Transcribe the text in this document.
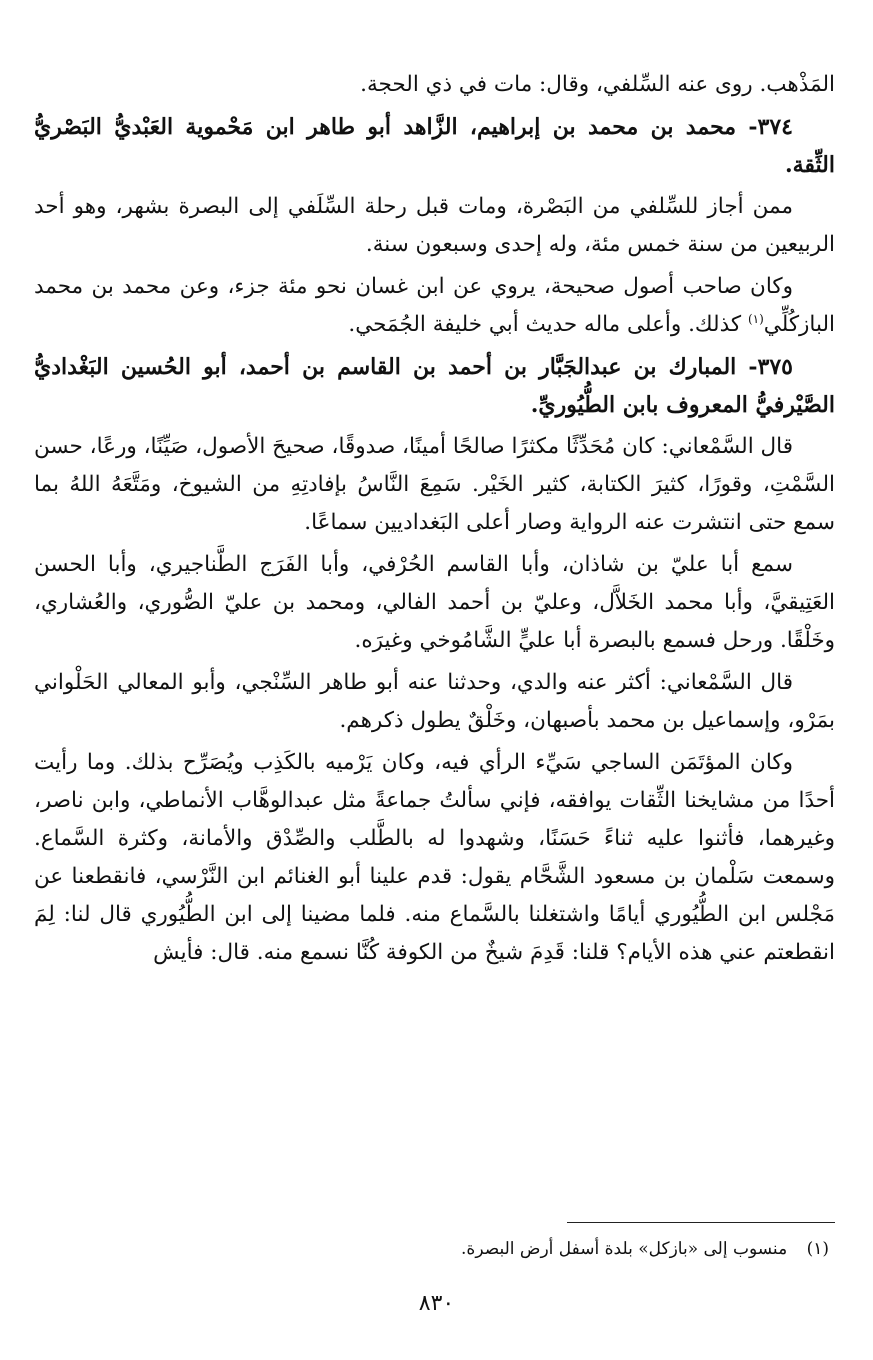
المَذْهب. روى عنه السِّلفي، وقال: مات في ذي الحجة.

٣٧٤- محمد بن محمد بن إبراهيم، الزَّاهد أبو طاهر ابن مَحْموية العَبْديُّ البَصْريُّ الثِّقة.

ممن أجاز للسِّلفي من البَصْرة، ومات قبل رحلة السِّلَفي إلى البصرة بشهر، وهو أحد الربيعين من سنة خمس مئة، وله إحدى وسبعون سنة.

وكان صاحب أصول صحيحة، يروي عن ابن غسان نحو مئة جزء، وعن محمد بن محمد البازكُلِّي$^{(١)}$ كذلك. وأعلى ماله حديث أبي خليفة الجُمَحي.

٣٧٥- المبارك بن عبدالجَبَّار بن أحمد بن القاسم بن أحمد، أبو الحُسين البَغْداديُّ الصَّيْرفيُّ المعروف بابن الطُّيُوريِّ.

قال السَّمْعاني: كان مُحَدِّثًا مكثرًا صالحًا أمينًا، صدوقًا، صحيحَ الأصول، صَيِّنًا، ورعًا، حسن السَّمْتِ، وقورًا، كثيرَ الكتابة، كثير الخَيْر. سَمِعَ النَّاسُ بإفادتِهِ من الشيوخ، ومَتَّعَهُ اللهُ بما سمع حتى انتشرت عنه الرواية وصار أعلى البَغداديين سماعًا.

سمع أبا عليّ بن شاذان، وأبا القاسم الحُرْفي، وأبا الفَرَج الطَّناجيري، وأبا الحسن العَتِيقيَّ، وأبا محمد الخَلاَّل، وعليّ بن أحمد الفالي، ومحمد بن عليّ الصُّوري، والعُشاري، وخَلْقًا. ورحل فسمع بالبصرة أبا عليٍّ الشَّامُوخي وغيرَه.

قال السَّمْعاني: أكثر عنه والدي، وحدثنا عنه أبو طاهر السِّنْجي، وأبو المعالي الحَلْواني بمَرْو، وإسماعيل بن محمد بأصبهان، وخَلْقٌ يطول ذكرهم.

وكان المؤتَمَن الساجي سَيِّء الرأي فيه، وكان يَرْميه بالكَذِب ويُصَرِّح بذلك. وما رأيت أحدًا من مشايخنا الثِّقات يوافقه، فإني سألتُ جماعةً مثل عبدالوهَّاب الأنماطي، وابن ناصر، وغيرهما، فأثنوا عليه ثناءً حَسَنًا، وشهدوا له بالطَّلب والصِّدْق والأمانة، وكثرة السَّماع. وسمعت سَلْمان بن مسعود الشَّحَّام يقول: قدم علينا أبو الغنائم ابن النَّرْسي، فانقطعنا عن مَجْلس ابن الطُّيُوري أيامًا واشتغلنا بالسَّماع منه. فلما مضينا إلى ابن الطُّيُوري قال لنا: لِمَ انقطعتم عني هذه الأيام؟ قلنا: قَدِمَ شيخٌ من الكوفة كُنَّا نسمع منه. قال: فأيش

(١) منسوب إلى «بازكل» بلدة أسفل أرض البصرة.
٨٣٠
